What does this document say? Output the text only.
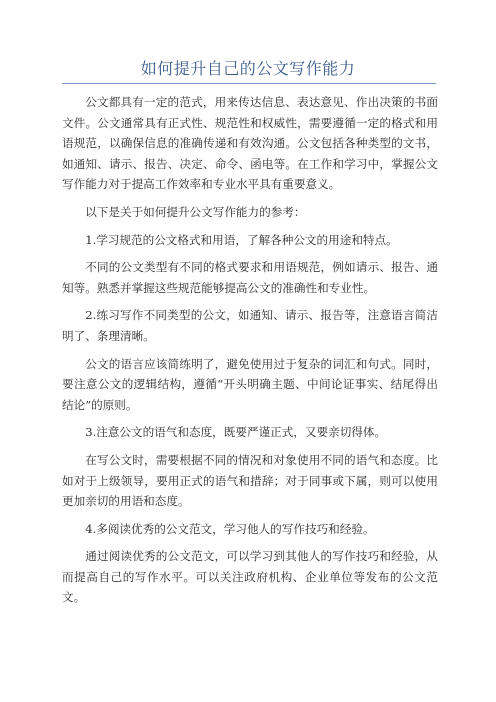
如何提升自己的公文写作能力

公文都具有一定的范式，用来传达信息、表达意见、作出决策的书面文件。公文通常具有正式性、规范性和权威性，需要遵循一定的格式和用语规范，以确保信息的准确传递和有效沟通。公文包括各种类型的文书，如通知、请示、报告、决定、命令、函电等。在工作和学习中，掌握公文写作能力对于提高工作效率和专业水平具有重要意义。

以下是关于如何提升公文写作能力的参考：

1.学习规范的公文格式和用语，了解各种公文的用途和特点。

不同的公文类型有不同的格式要求和用语规范，例如请示、报告、通知等。熟悉并掌握这些规范能够提高公文的准确性和专业性。

2.练习写作不同类型的公文，如通知、请示、报告等，注意语言简洁明了、条理清晰。

公文的语言应该简练明了，避免使用过于复杂的词汇和句式。同时，要注意公文的逻辑结构，遵循“开头明确主题、中间论证事实、结尾得出结论”的原则。

3.注意公文的语气和态度，既要严谨正式，又要亲切得体。

在写公文时，需要根据不同的情况和对象使用不同的语气和态度。比如对于上级领导，要用正式的语气和措辞；对于同事或下属，则可以使用更加亲切的用语和态度。

4.多阅读优秀的公文范文，学习他人的写作技巧和经验。

通过阅读优秀的公文范文，可以学习到其他人的写作技巧和经验，从而提高自己的写作水平。可以关注政府机构、企业单位等发布的公文范文。
